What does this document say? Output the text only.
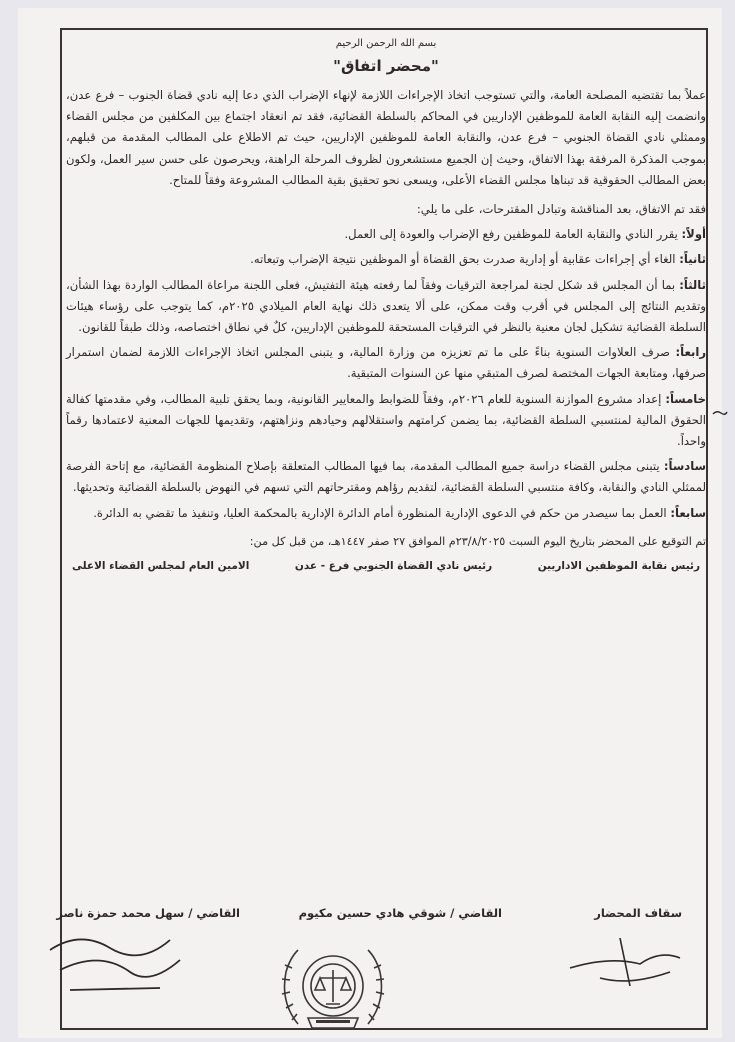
بسم الله الرحمن الرحيم
"محضر اتفاق"

عملاً بما تقتضيه المصلحة العامة، والتي تستوجب اتخاذ الإجراءات اللازمة لإنهاء الإضراب الذي دعا إليه نادي قضاة الجنوب – فرع عدن، وانضمت إليه النقابة العامة للموظفين الإداريين في المحاكم بالسلطة القضائية، فقد تم انعقاد اجتماع بين المكلفين من مجلس القضاء وممثلي نادي القضاة الجنوبي – فرع عدن، والنقابة العامة للموظفين الإداريين، حيث تم الاطلاع على المطالب المقدمة من قبلهم، بموجب المذكرة المرفقة بهذا الاتفاق، وحيث إن الجميع مستشعرون لظروف المرحلة الراهنة، ويحرصون على حسن سير العمل، ولكون بعض المطالب الحقوقية قد تبناها مجلس القضاء الأعلى، ويسعى نحو تحقيق بقية المطالب المشروعة وفقاً للمتاح.

فقد تم الاتفاق، بعد المناقشة وتبادل المقترحات، على ما يلي:

أولاً: يقرر النادي والنقابة العامة للموظفين رفع الإضراب والعودة إلى العمل.

ثانياً: الغاء أي إجراءات عقابية أو إدارية صدرت بحق القضاة أو الموظفين نتيجة الإضراب وتبعاته.

ثالثاً: بما أن المجلس قد شكل لجنة لمراجعة الترقيات وفقاً لما رفعته هيئة التفتيش، فعلى اللجنة مراعاة المطالب الواردة بهذا الشأن، وتقديم النتائج إلى المجلس في أقرب وقت ممكن، على ألا يتعدى ذلك نهاية العام الميلادي ٢٠٢٥م، كما يتوجب على رؤساء هيئات السلطة القضائية تشكيل لجان معنية بالنظر في الترقيات المستحقة للموظفين الإداريين، كلٌ في نطاق اختصاصه، وذلك طبقاً للقانون.

رابعاً: صرف العلاوات السنوية بناءً على ما تم تعزيزه من وزارة المالية، و يتبنى المجلس اتخاذ الإجراءات اللازمة لضمان استمرار صرفها، ومتابعة الجهات المختصة لصرف المتبقي منها عن السنوات المتبقية.

خامساً: إعداد مشروع الموازنة السنوية للعام ٢٠٢٦م، وفقاً للضوابط والمعايير القانونية، وبما يحقق تلبية المطالب، وفي مقدمتها كفالة الحقوق المالية لمنتسبي السلطة القضائية، بما يضمن كرامتهم واستقلالهم وحيادهم ونزاهتهم، وتقديمها للجهات المعنية لاعتمادها رقماً واحداً.

سادساً: يتبنى مجلس القضاء دراسة جميع المطالب المقدمة، بما فيها المطالب المتعلقة بإصلاح المنظومة القضائية، مع إتاحة الفرصة لممثلي النادي والنقابة، وكافة منتسبي السلطة القضائية، لتقديم رؤاهم ومقترحاتهم التي تسهم في النهوض بالسلطة القضائية وتحديثها.

سابعاً: العمل بما سيصدر من حكم في الدعوى الإدارية المنظورة أمام الدائرة الإدارية بالمحكمة العليا، وتنفيذ ما تقضي به الدائرة.

تم التوقيع على المحضر بتاريخ اليوم السبت ٢٣/٨/٢٠٢٥م الموافق ٢٧ صفر ١٤٤٧هـ، من قبل كل من:

رئيس نقابة الموظفين الاداريين
رئيس نادي القضاة الجنوبي فرع - عدن
الامين العام لمجلس القضاء الاعلى
سقاف المحضار
القاضي / شوقي هادي حسين مكيوم
القاضي / سهل محمد حمزة ناصر
